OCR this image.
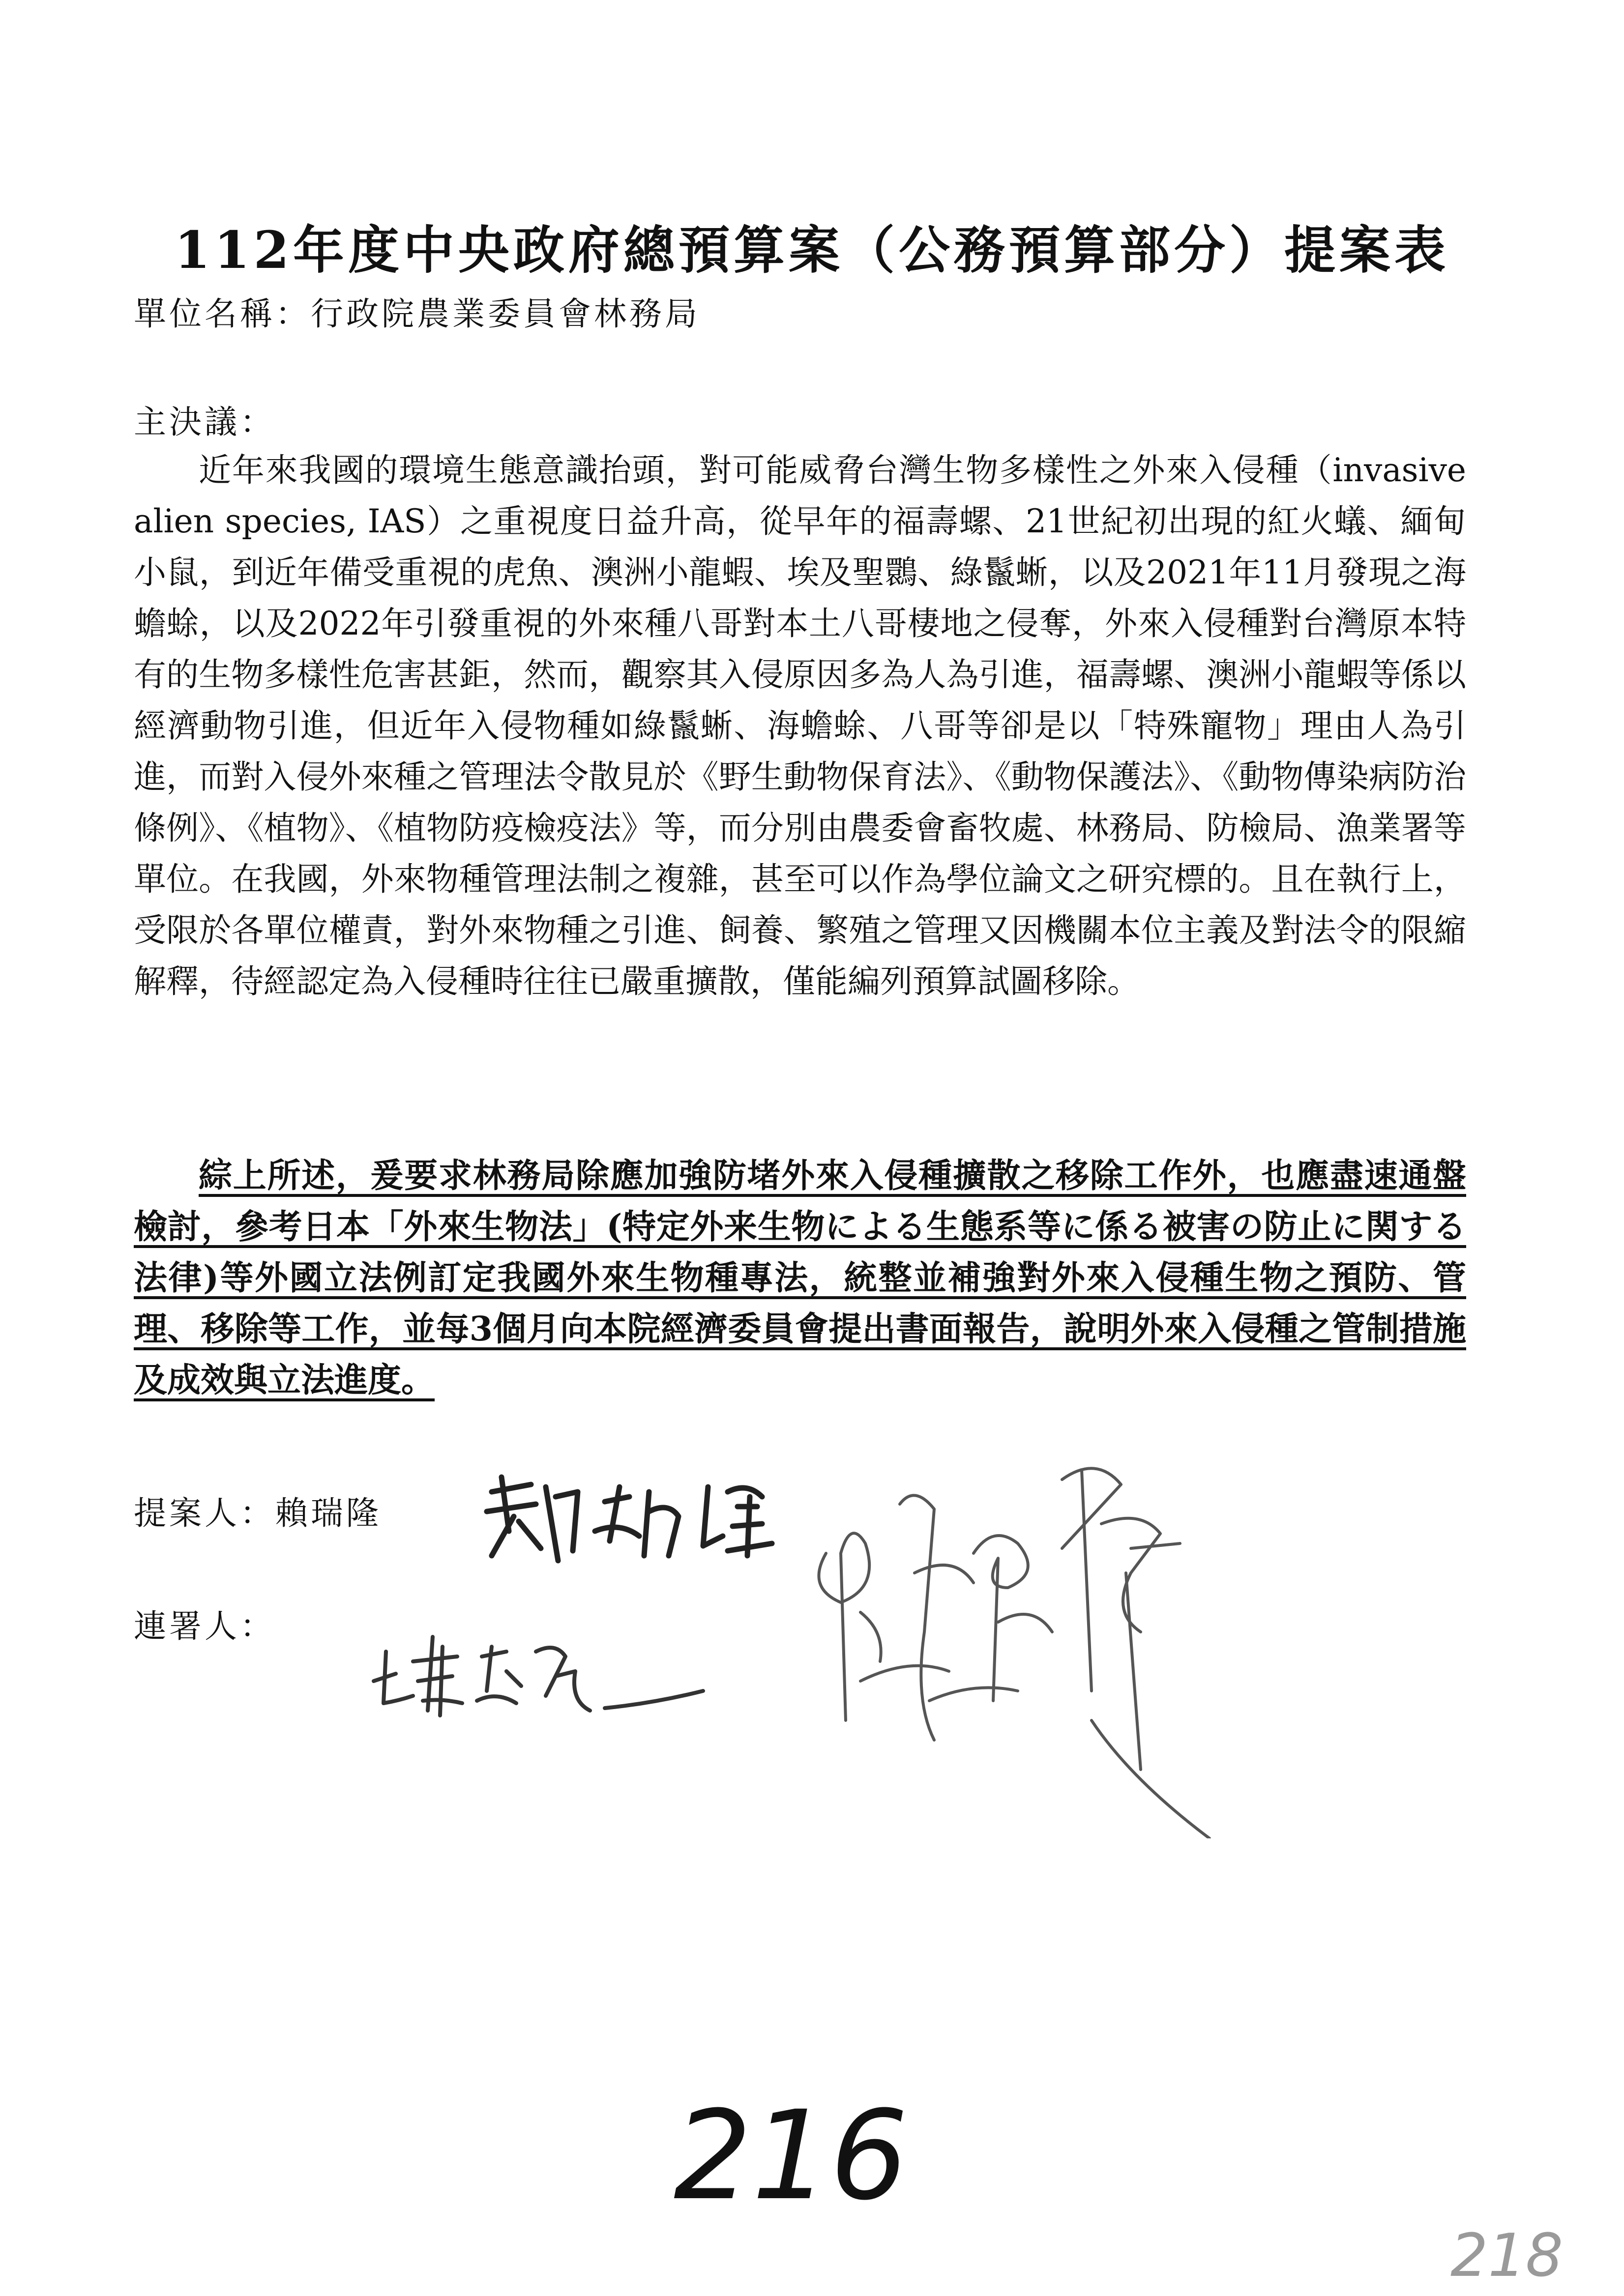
112年度中央政府總預算案（公務預算部分）提案表
單位名稱：行政院農業委員會林務局
主決議：
近年來我國的環境生態意識抬頭，對可能威脅台灣生物多樣性之外來入侵種（invasive alien species, IAS）之重視度日益升高，從早年的福壽螺、21世紀初出現的紅火蟻、緬甸小鼠，到近年備受重視的虎魚、澳洲小龍蝦、埃及聖䴉、綠鬣蜥，以及2021年11月發現之海蟾蜍，以及2022年引發重視的外來種八哥對本土八哥棲地之侵奪，外來入侵種對台灣原本特有的生物多樣性危害甚鉅，然而，觀察其入侵原因多為人為引進，福壽螺、澳洲小龍蝦等係以經濟動物引進，但近年入侵物種如綠鬣蜥、海蟾蜍、八哥等卻是以「特殊寵物」理由人為引進，而對入侵外來種之管理法令散見於《野生動物保育法》、《動物保護法》、《動物傳染病防治條例》、《植物》、《植物防疫檢疫法》等，而分別由農委會畜牧處、林務局、防檢局、漁業署等單位。在我國，外來物種管理法制之複雜，甚至可以作為學位論文之研究標的。且在執行上，受限於各單位權責，對外來物種之引進、飼養、繁殖之管理又因機關本位主義及對法令的限縮解釋，待經認定為入侵種時往往已嚴重擴散，僅能編列預算試圖移除。
綜上所述，爰要求林務局除應加強防堵外來入侵種擴散之移除工作外，也應盡速通盤檢討，參考日本「外來生物法」(特定外来生物による生態系等に係る被害の防止に関する法律)等外國立法例訂定我國外來生物種專法，統整並補強對外來入侵種生物之預防、管理、移除等工作，並每3個月向本院經濟委員會提出書面報告，說明外來入侵種之管制措施及成效與立法進度。
提案人：賴瑞隆
連署人：
216
218
